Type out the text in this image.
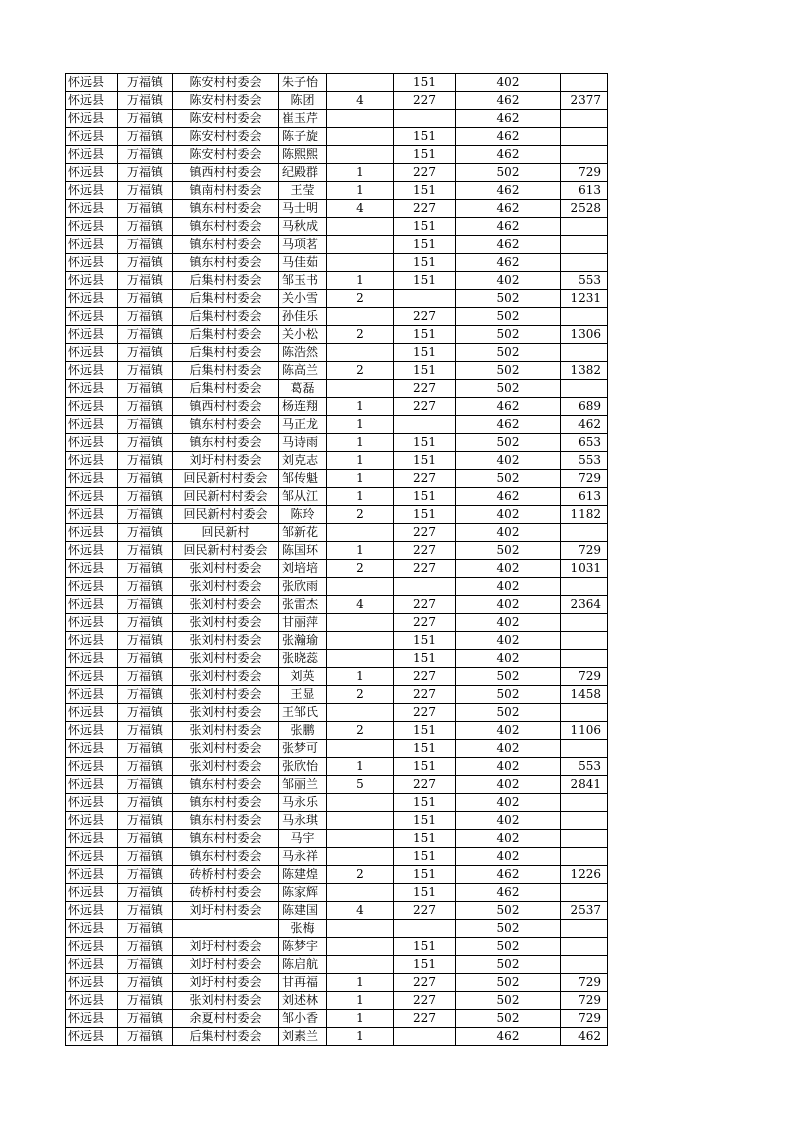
怀远县	万福镇	陈安村村委会	朱子怡		151	402	
怀远县	万福镇	陈安村村委会	陈团	4	227	462	2377
怀远县	万福镇	陈安村村委会	崔玉芹			462	
怀远县	万福镇	陈安村村委会	陈子旋		151	462	
怀远县	万福镇	陈安村村委会	陈熙熙		151	462	
怀远县	万福镇	镇西村村委会	纪殿群	1	227	502	729
怀远县	万福镇	镇南村村委会	王莹	1	151	462	613
怀远县	万福镇	镇东村村委会	马士明	4	227	462	2528
怀远县	万福镇	镇东村村委会	马秋成		151	462	
怀远县	万福镇	镇东村村委会	马项茗		151	462	
怀远县	万福镇	镇东村村委会	马佳茹		151	462	
怀远县	万福镇	后集村村委会	邹玉书	1	151	402	553
怀远县	万福镇	后集村村委会	关小雪	2		502	1231
怀远县	万福镇	后集村村委会	孙佳乐		227	502	
怀远县	万福镇	后集村村委会	关小松	2	151	502	1306
怀远县	万福镇	后集村村委会	陈浩然		151	502	
怀远县	万福镇	后集村村委会	陈高兰	2	151	502	1382
怀远县	万福镇	后集村村委会	葛磊		227	502	
怀远县	万福镇	镇西村村委会	杨连翔	1	227	462	689
怀远县	万福镇	镇东村村委会	马正龙	1		462	462
怀远县	万福镇	镇东村村委会	马诗雨	1	151	502	653
怀远县	万福镇	刘圩村村委会	刘克志	1	151	402	553
怀远县	万福镇	回民新村村委会	邹传魁	1	227	502	729
怀远县	万福镇	回民新村村委会	邹从江	1	151	462	613
怀远县	万福镇	回民新村村委会	陈玲	2	151	402	1182
怀远县	万福镇	回民新村	邹新花		227	402	
怀远县	万福镇	回民新村村委会	陈国环	1	227	502	729
怀远县	万福镇	张刘村村委会	刘培培	2	227	402	1031
怀远县	万福镇	张刘村村委会	张欣雨			402	
怀远县	万福镇	张刘村村委会	张雷杰	4	227	402	2364
怀远县	万福镇	张刘村村委会	甘丽萍		227	402	
怀远县	万福镇	张刘村村委会	张瀚瑜		151	402	
怀远县	万福镇	张刘村村委会	张晓蕊		151	402	
怀远县	万福镇	张刘村村委会	刘英	1	227	502	729
怀远县	万福镇	张刘村村委会	王显	2	227	502	1458
怀远县	万福镇	张刘村村委会	王邹氏		227	502	
怀远县	万福镇	张刘村村委会	张鹏	2	151	402	1106
怀远县	万福镇	张刘村村委会	张梦可		151	402	
怀远县	万福镇	张刘村村委会	张欣怡	1	151	402	553
怀远县	万福镇	镇东村村委会	邹丽兰	5	227	402	2841
怀远县	万福镇	镇东村村委会	马永乐		151	402	
怀远县	万福镇	镇东村村委会	马永琪		151	402	
怀远县	万福镇	镇东村村委会	马宇		151	402	
怀远县	万福镇	镇东村村委会	马永祥		151	402	
怀远县	万福镇	砖桥村村委会	陈建煌	2	151	462	1226
怀远县	万福镇	砖桥村村委会	陈家辉		151	462	
怀远县	万福镇	刘圩村村委会	陈建国	4	227	502	2537
怀远县	万福镇		张梅			502	
怀远县	万福镇	刘圩村村委会	陈梦宇		151	502	
怀远县	万福镇	刘圩村村委会	陈启航		151	502	
怀远县	万福镇	刘圩村村委会	甘再福	1	227	502	729
怀远县	万福镇	张刘村村委会	刘述林	1	227	502	729
怀远县	万福镇	余夏村村委会	邹小香	1	227	502	729
怀远县	万福镇	后集村村委会	刘素兰	1		462	462
